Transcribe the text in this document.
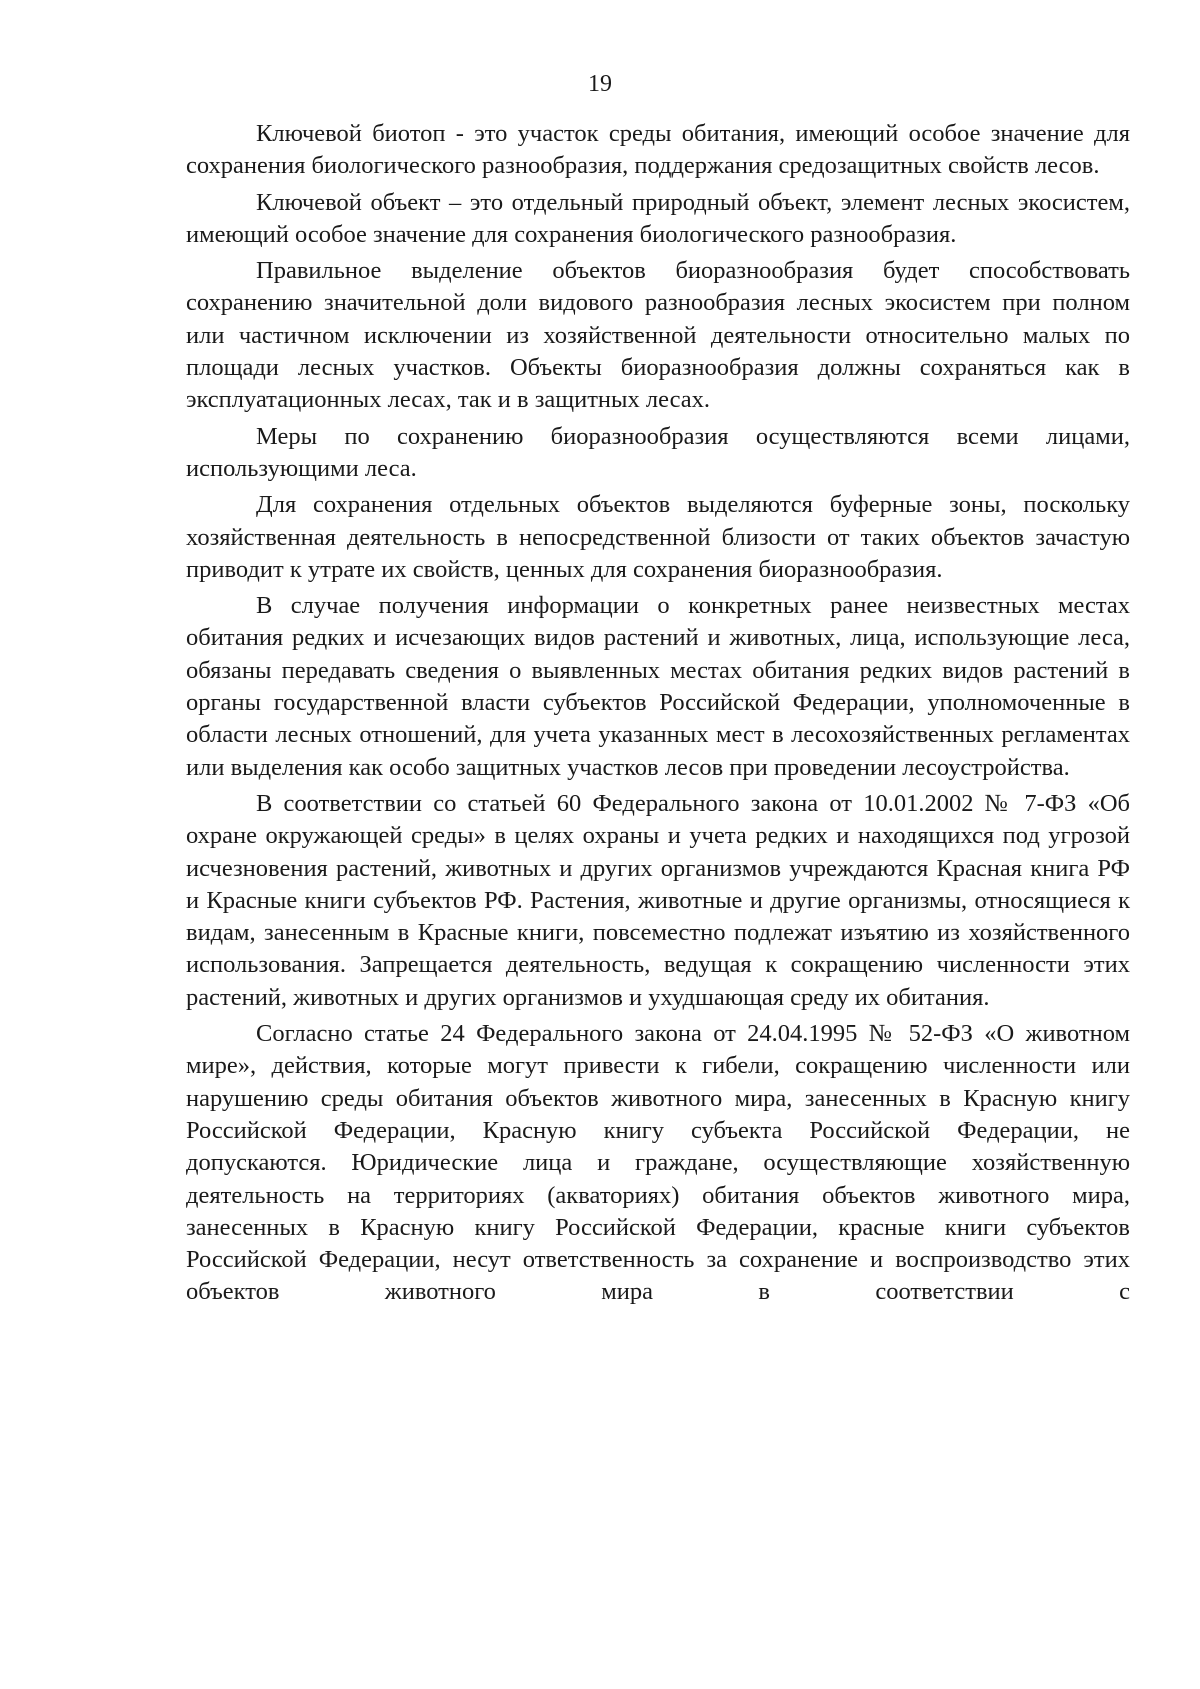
19

Ключевой биотоп - это участок среды обитания, имеющий особое значение для сохранения биологического разнообразия, поддержания средозащитных свойств лесов.

Ключевой объект – это отдельный природный объект, элемент лесных экосистем, имеющий особое значение для сохранения биологического разнообразия.

Правильное выделение объектов биоразнообразия будет способствовать сохранению значительной доли видового разнообразия лесных экосистем при полном или частичном исключении из хозяйственной деятельности относительно малых по площади лесных участков. Объекты биоразнообразия должны сохраняться как в эксплуатационных лесах, так и в защитных лесах.

Меры по сохранению биоразнообразия осуществляются всеми лицами, использующими леса.

Для сохранения отдельных объектов выделяются буферные зоны, поскольку хозяйственная деятельность в непосредственной близости от таких объектов зачастую приводит к утрате их свойств, ценных для сохранения биоразнообразия.

В случае получения информации о конкретных ранее неизвестных местах обитания редких и исчезающих видов растений и животных, лица, использующие леса, обязаны передавать сведения о выявленных местах обитания редких видов растений в органы государственной власти субъектов Российской Федерации, уполномоченные в области лесных отношений, для учета указанных мест в лесохозяйственных регламентах или выделения как особо защитных участков лесов при проведении лесоустройства.

В соответствии со статьей 60 Федерального закона от 10.01.2002 № 7-ФЗ «Об охране окружающей среды» в целях охраны и учета редких и находящихся под угрозой исчезновения растений, животных и других организмов учреждаются Красная книга РФ и Красные книги субъектов РФ. Растения, животные и другие организмы, относящиеся к видам, занесенным в Красные книги, повсеместно подлежат изъятию из хозяйственного использования. Запрещается деятельность, ведущая к сокращению численности этих растений, животных и других организмов и ухудшающая среду их обитания.

Согласно статье 24 Федерального закона от 24.04.1995 № 52-ФЗ «О животном мире», действия, которые могут привести к гибели, сокращению численности или нарушению среды обитания объектов животного мира, занесенных в Красную книгу Российской Федерации, Красную книгу субъекта Российской Федерации, не допускаются. Юридические лица и граждане, осуществляющие хозяйственную деятельность на территориях (акваториях) обитания объектов животного мира, занесенных в Красную книгу Российской Федерации, красные книги субъектов Российской Федерации, несут ответственность за сохранение и воспроизводство этих объектов животного мира в соответствии с
